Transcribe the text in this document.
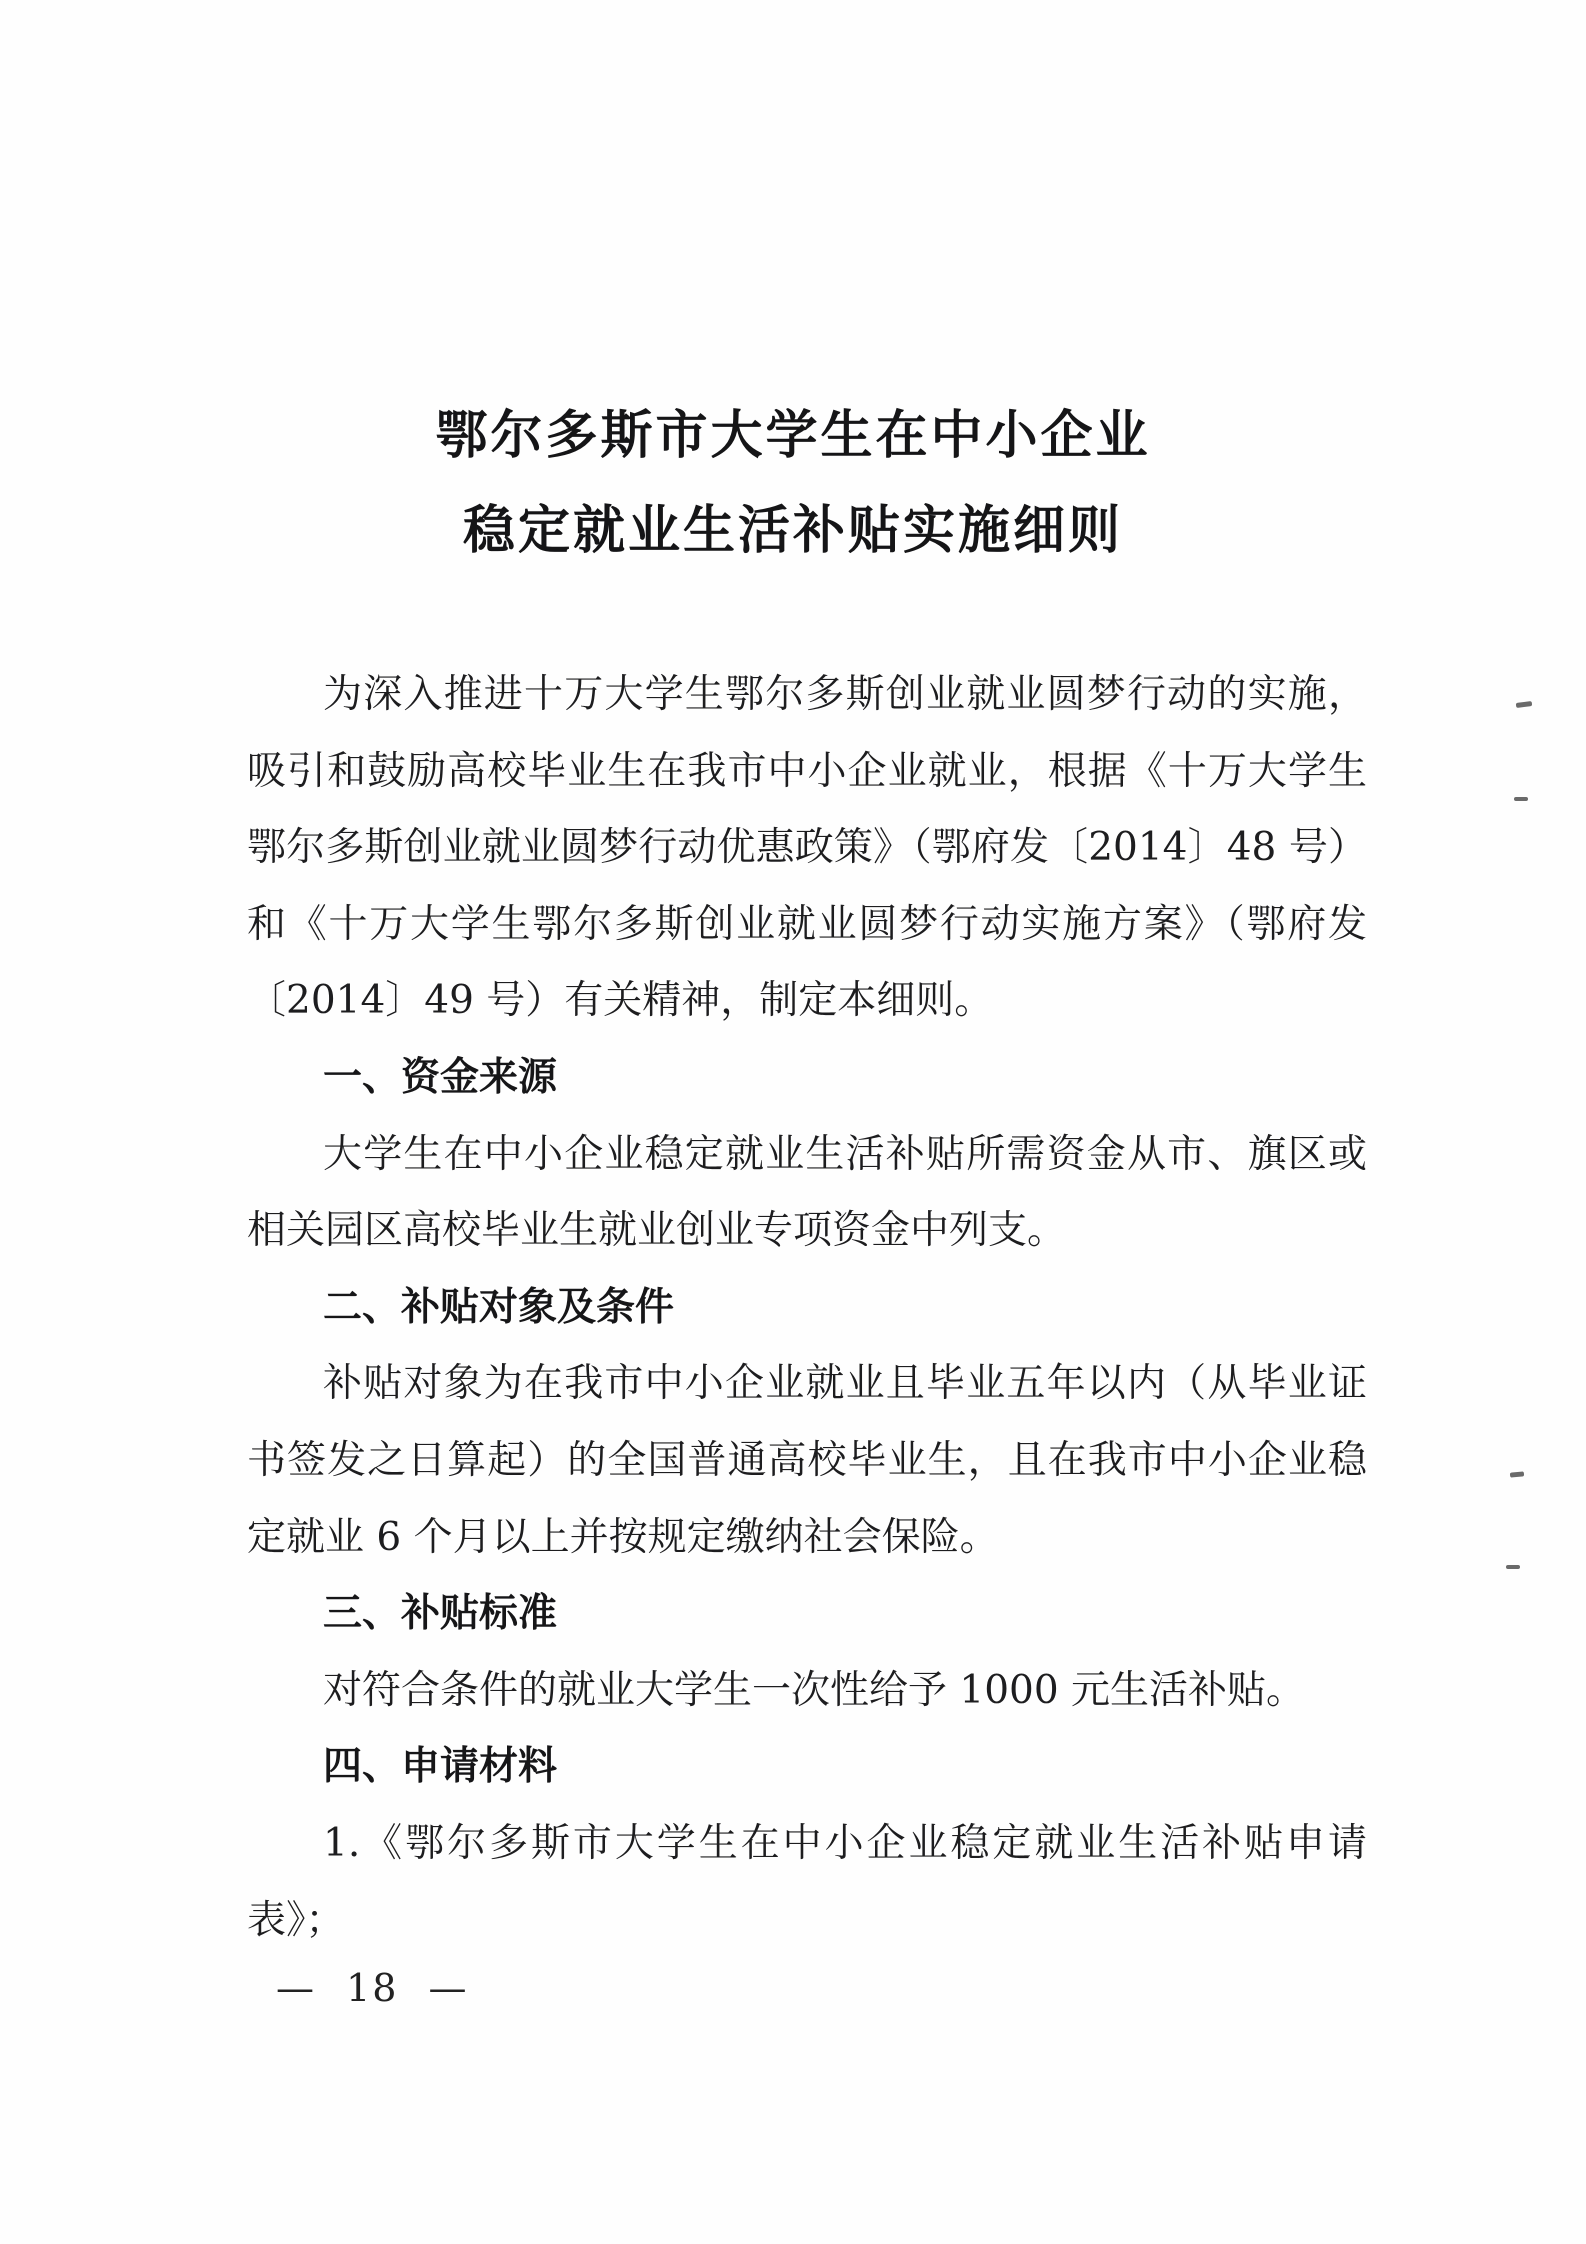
鄂尔多斯市大学生在中小企业
稳定就业生活补贴实施细则
为深入推进十万大学生鄂尔多斯创业就业圆梦行动的实施，
吸引和鼓励高校毕业生在我市中小企业就业，根据《十万大学生
鄂尔多斯创业就业圆梦行动优惠政策》（鄂府发〔2014〕48 号）
和《十万大学生鄂尔多斯创业就业圆梦行动实施方案》（鄂府发
〔2014〕49 号）有关精神，制定本细则。
一、资金来源
大学生在中小企业稳定就业生活补贴所需资金从市、旗区或
相关园区高校毕业生就业创业专项资金中列支。
二、补贴对象及条件
补贴对象为在我市中小企业就业且毕业五年以内（从毕业证
书签发之日算起）的全国普通高校毕业生，且在我市中小企业稳
定就业 6 个月以上并按规定缴纳社会保险。
三、补贴标准
对符合条件的就业大学生一次性给予 1000 元生活补贴。
四、申请材料
1.《鄂尔多斯市大学生在中小企业稳定就业生活补贴申请
表》；
— 18 —
